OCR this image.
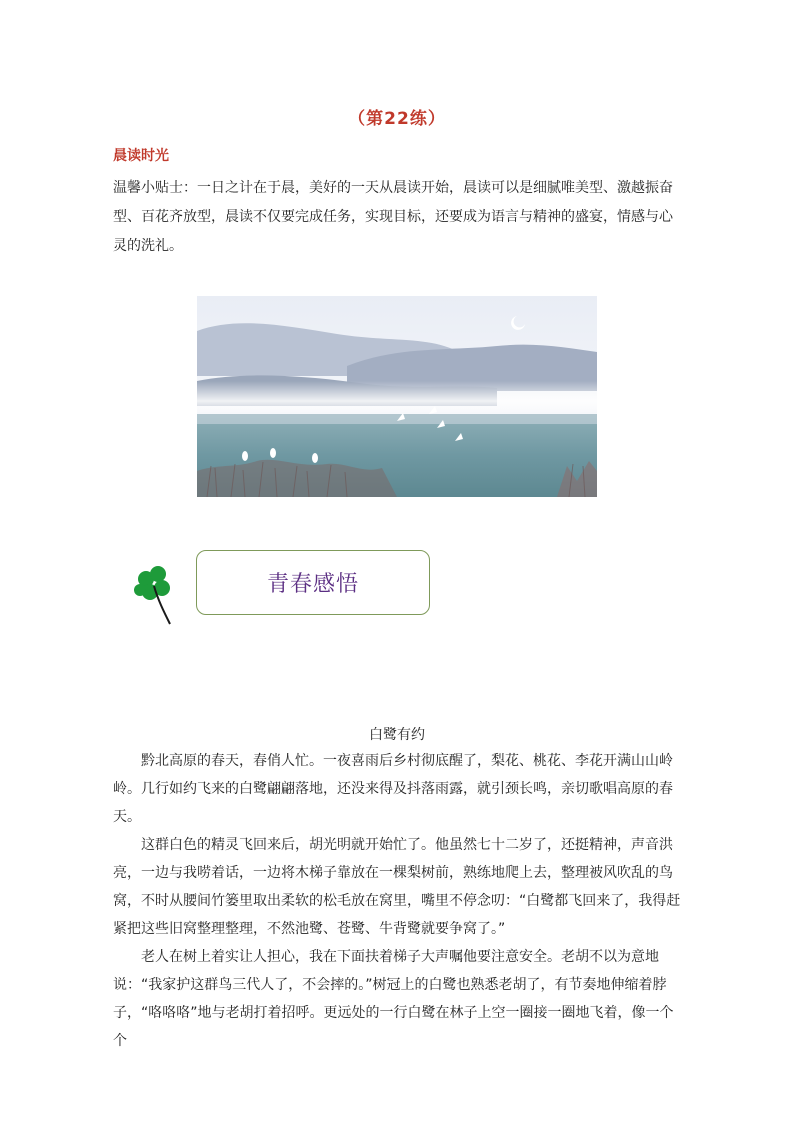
（第22练）
晨读时光
温馨小贴士：一日之计在于晨，美好的一天从晨读开始，晨读可以是细腻唯美型、激越振奋型、百花齐放型，晨读不仅要完成任务，实现目标，还要成为语言与精神的盛宴，情感与心灵的洗礼。
青春感悟
白鹭有约

黔北高原的春天，春俏人忙。一夜喜雨后乡村彻底醒了，梨花、桃花、李花开满山山岭岭。几行如约飞来的白鹭翩翩落地，还没来得及抖落雨露，就引颈长鸣，亲切歌唱高原的春天。

这群白色的精灵飞回来后，胡光明就开始忙了。他虽然七十二岁了，还挺精神，声音洪亮，一边与我唠着话，一边将木梯子靠放在一棵梨树前，熟练地爬上去，整理被风吹乱的鸟窝，不时从腰间竹篓里取出柔软的松毛放在窝里，嘴里不停念叨：“白鹭都飞回来了，我得赶紧把这些旧窝整理整理，不然池鹭、苍鹭、牛背鹭就要争窝了。”

老人在树上着实让人担心，我在下面扶着梯子大声嘱他要注意安全。老胡不以为意地说：“我家护这群鸟三代人了，不会摔的。”树冠上的白鹭也熟悉老胡了，有节奏地伸缩着脖子，“咯咯咯”地与老胡打着招呼。更远处的一行白鹭在林子上空一圈接一圈地飞着，像一个个
